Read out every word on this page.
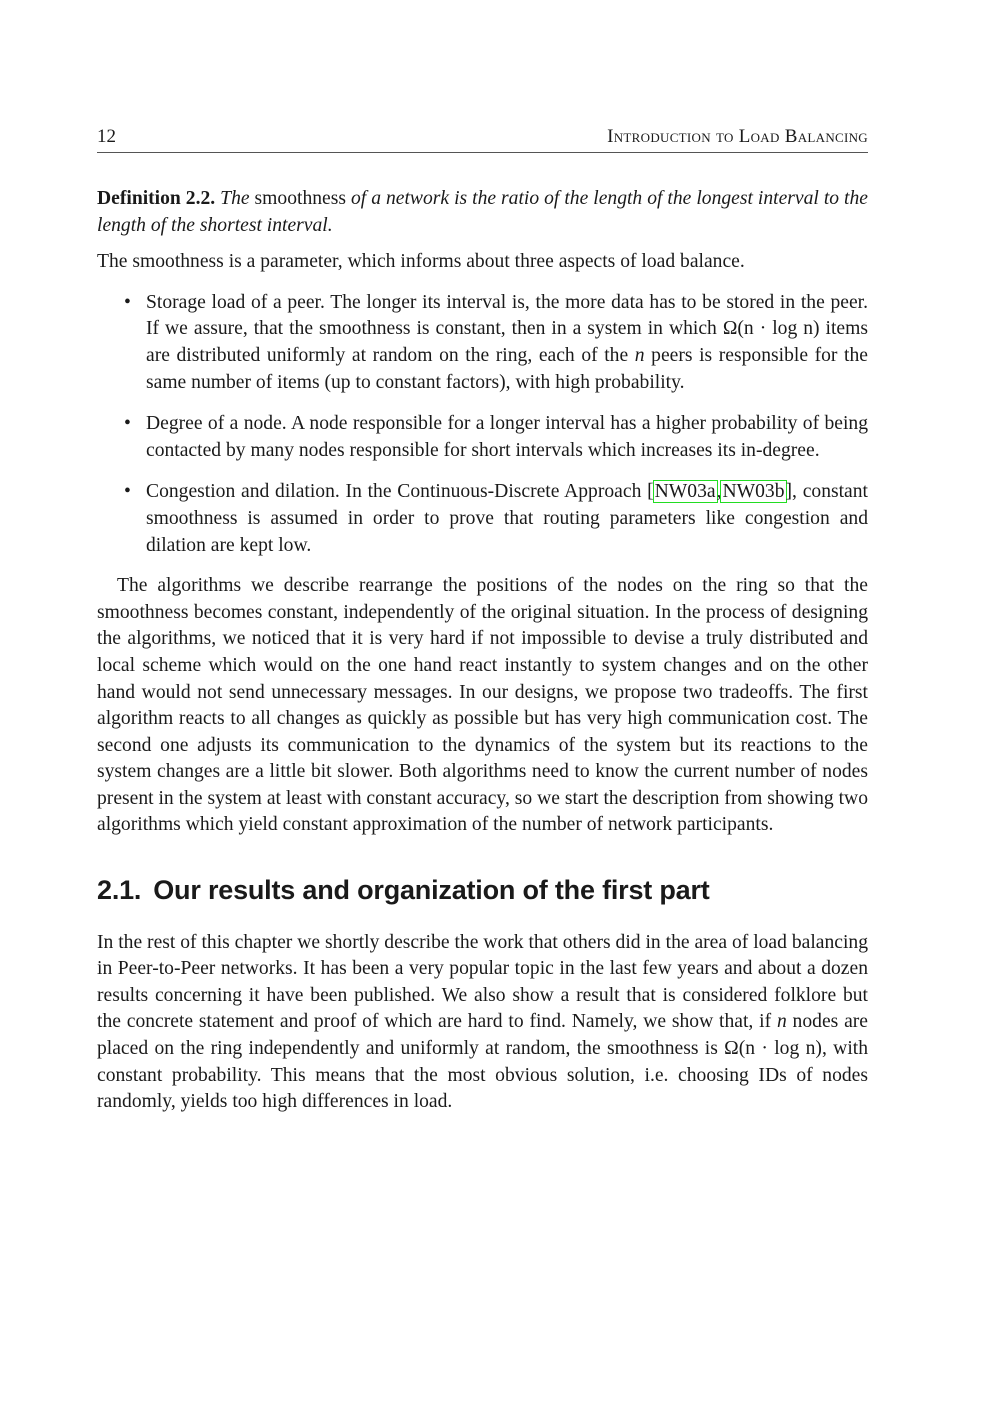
12	Introduction to Load Balancing

Definition 2.2. The smoothness of a network is the ratio of the length of the longest interval to the length of the shortest interval.

The smoothness is a parameter, which informs about three aspects of load balance.

• Storage load of a peer. The longer its interval is, the more data has to be stored in the peer. If we assure, that the smoothness is constant, then in a system in which Ω(n · log n) items are distributed uniformly at random on the ring, each of the n peers is responsible for the same number of items (up to constant factors), with high probability.
• Degree of a node. A node responsible for a longer interval has a higher probability of being contacted by many nodes responsible for short intervals which increases its in-degree.
• Congestion and dilation. In the Continuous-Discrete Approach [NW03a,NW03b], constant smoothness is assumed in order to prove that routing parameters like congestion and dilation are kept low.

The algorithms we describe rearrange the positions of the nodes on the ring so that the smoothness becomes constant, independently of the original situation. In the process of designing the algorithms, we noticed that it is very hard if not impossible to devise a truly distributed and local scheme which would on the one hand react instantly to system changes and on the other hand would not send unnecessary messages. In our designs, we propose two tradeoffs. The first algorithm reacts to all changes as quickly as possible but has very high communication cost. The second one adjusts its communication to the dynamics of the system but its reactions to the system changes are a little bit slower. Both algorithms need to know the current number of nodes present in the system at least with constant accuracy, so we start the description from showing two algorithms which yield constant approximation of the number of network participants.

2.1. Our results and organization of the first part

In the rest of this chapter we shortly describe the work that others did in the area of load balancing in Peer-to-Peer networks. It has been a very popular topic in the last few years and about a dozen results concerning it have been published. We also show a result that is considered folklore but the concrete statement and proof of which are hard to find. Namely, we show that, if n nodes are placed on the ring independently and uniformly at random, the smoothness is Ω(n · log n), with constant probability. This means that the most obvious solution, i.e. choosing IDs of nodes randomly, yields too high differences in load.
